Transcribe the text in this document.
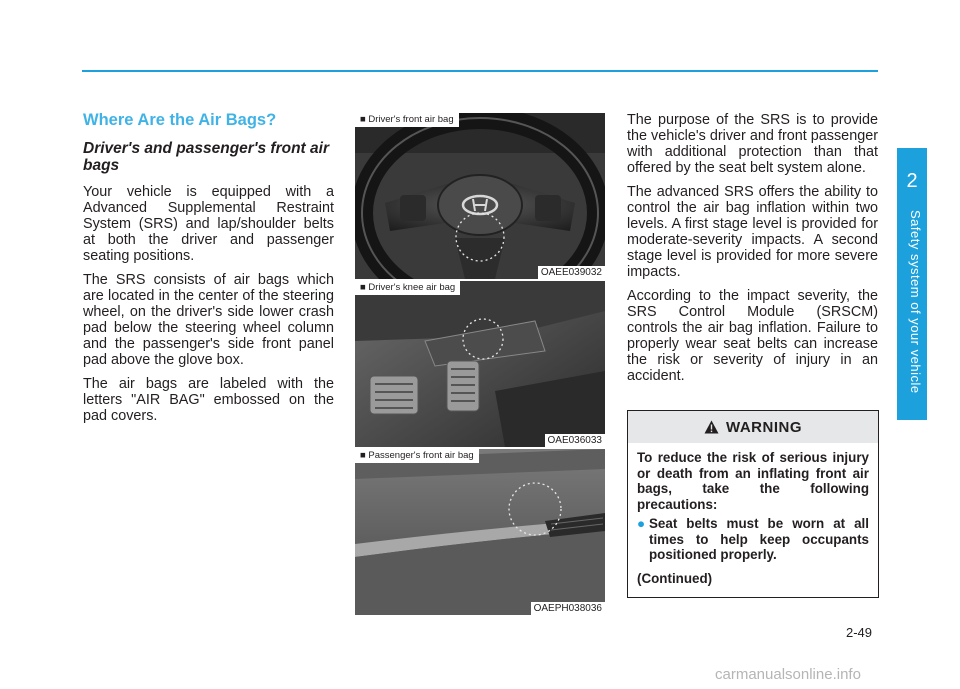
2
Safety system of your vehicle
Where Are the Air Bags?
Driver's and passenger's front air bags

Your vehicle is equipped with a Advanced Supplemental Restraint System (SRS) and lap/shoulder belts at both the driver and passenger seating positions.

The SRS consists of air bags which are located in the center of the steering wheel, on the driver's side lower crash pad below the steering wheel column and the passenger's side front panel pad above the glove box.

The air bags are labeled with the letters "AIR BAG" embossed on the pad covers.

■ Driver's front air bag
OAEE039032
■ Driver's knee air bag
OAE036033
■ Passenger's front air bag
OAEPH038036

The purpose of the SRS is to provide the vehicle's driver and front passenger with additional protection than that offered by the seat belt system alone.

The advanced SRS offers the ability to control the air bag inflation within two levels. A first stage level is provided for moderate-severity impacts. A second stage level is provided for more severe impacts.

According to the impact severity, the SRS Control Module (SRSCM) controls the air bag inflation. Failure to properly wear seat belts can increase the risk or severity of injury in an accident.

WARNING

To reduce the risk of serious injury or death from an inflating front air bags, take the following precautions:

● Seat belts must be worn at all times to help keep occupants positioned properly.

(Continued)

2-49
carmanualsonline.info
